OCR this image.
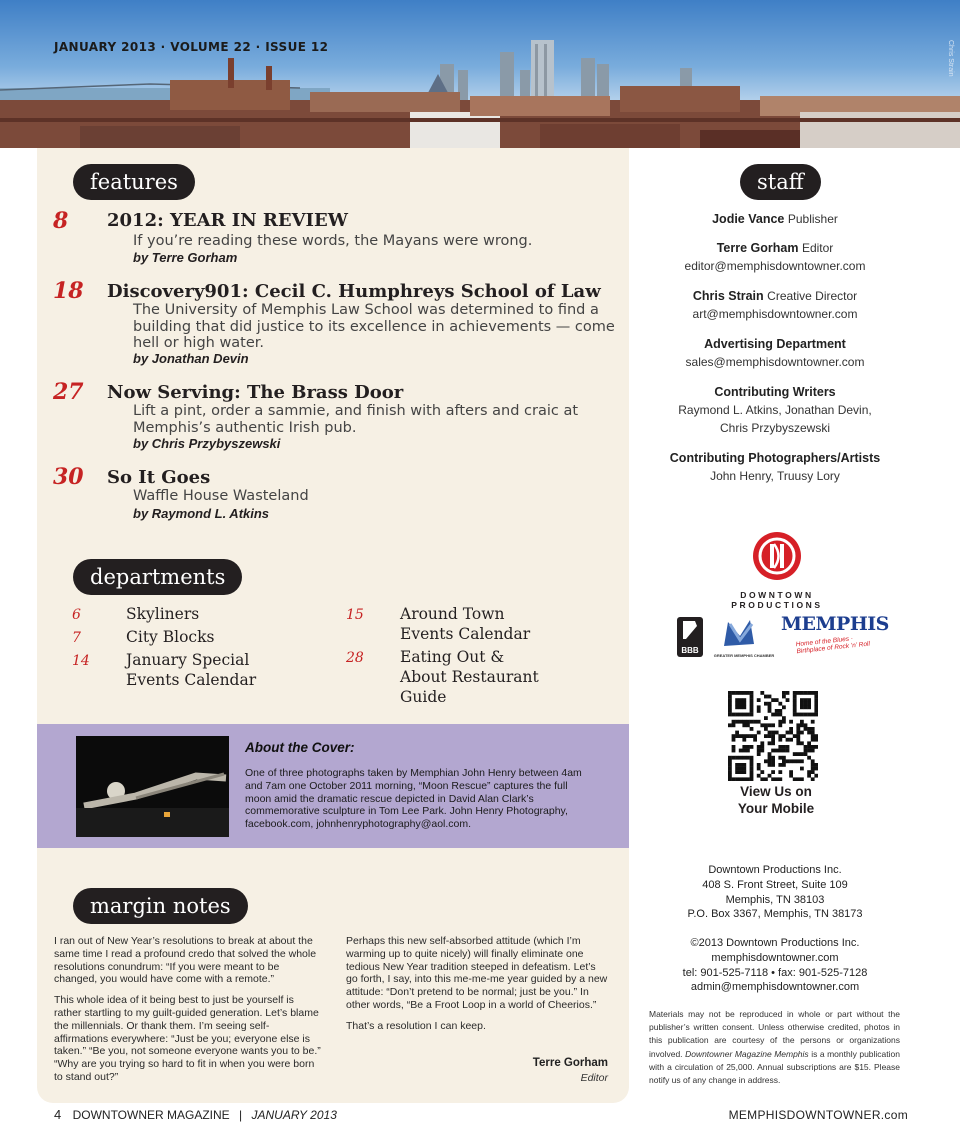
JANUARY 2013 · VOLUME 22 · ISSUE 12	Chris Strain
features
8 2012: YEAR IN REVIEW
If you’re reading these words, the Mayans were wrong.
by Terre Gorham
18 Discovery901: Cecil C. Humphreys School of Law
The University of Memphis Law School was determined to find a building that did justice to its excellence in achievements — come hell or high water.
by Jonathan Devin
27 Now Serving: The Brass Door
Lift a pint, order a sammie, and finish with afters and craic at Memphis’s authentic Irish pub.
by Chris Przybyszewski
30 So It Goes
Waffle House Wasteland
by Raymond L. Atkins
departments
6	Skyliners
7	City Blocks
14 January Special Events Calendar
15 Around Town Events Calendar
28 Eating Out & About Restaurant Guide
About the Cover:
One of three photographs taken by Memphian John Henry between 4am and 7am one October 2011 morning, “Moon Rescue” captures the full moon amid the dramatic rescue depicted in David Alan Clark’s commemorative sculpture in Tom Lee Park. John Henry Photography, facebook.com, johnhenryphotography@aol.com.
margin notes

I ran out of New Year’s resolutions to break at about the same time I read a profound credo that solved the whole resolutions conundrum: “If you were meant to be changed, you would have come with a remote.”

This whole idea of it being best to just be yourself is rather startling to my guilt-guided generation. Let’s blame the millennials. Or thank them. I’m seeing self-affirmations everywhere: “Just be you; everyone else is taken.” “Be you, not someone everyone wants you to be.” “Why are you trying so hard to fit in when you were born to stand out?”

Perhaps this new self-absorbed attitude (which I’m warming up to quite nicely) will finally eliminate one tedious New Year tradition steeped in defeatism. Let’s go forth, I say, into this me-me-me year guided by a new attitude: “Don’t pretend to be normal; just be you.” In other words, “Be a Froot Loop in a world of Cheerios.”

That’s a resolution I can keep.

Terre Gorham
Editor
staff
Jodie Vance Publisher
Terre Gorham Editor
editor@memphisdowntowner.com
Chris Strain Creative Director
art@memphisdowntowner.com
Advertising Department
sales@memphisdowntowner.com
Contributing Writers
Raymond L. Atkins, Jonathan Devin,
Chris Przybyszewski
Contributing Photographers/Artists
John Henry, Truusy Lory
DOWNTOWN
PRODUCTIONS
BBB
GREATER MEMPHIS CHAMBER
MEMPHIS
Home of the Blues · Birthplace of Rock ’n’ Roll
View Us on
Your Mobile
Downtown Productions Inc.
408 S. Front Street, Suite 109
Memphis, TN 38103
P.O. Box 3367, Memphis, TN 38173
©2013 Downtown Productions Inc.
memphisdowntowner.com
tel: 901-525-7118 • fax: 901-525-7128
admin@memphisdowntowner.com
Materials may not be reproduced in whole or part without the publisher’s written consent. Unless otherwise credited, photos in this publication are courtesy of the persons or organizations involved. Downtowner Magazine Memphis is a monthly publication with a circulation of 25,000. Annual subscriptions are $15. Please notify us of any change in address.
4 DOWNTOWNER MAGAZINE | JANUARY 2013	MEMPHISDOWNTOWNER.com
